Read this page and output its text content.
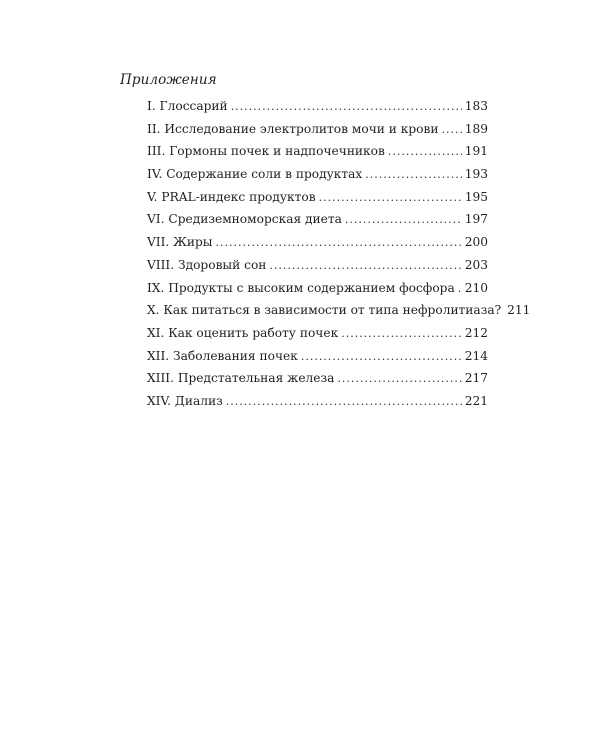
Приложения
I. Глоссарий .....	183
II. Исследование электролитов мочи и крови ..... 189
III. Гормоны почек и надпочечников .....	191
IV. Содержание соли в продуктах .....	193
V. PRAL-индекс продуктов .....	195
VI. Средиземноморская диета .....	197
VII. Жиры .....	200
VIII. Здоровый сон .....	203
IX. Продукты с высоким содержанием фосфора ..... 210
X. Как питаться в зависимости от типа нефролитиаза? 211
XI. Как оценить работу почек .....	212
XII. Заболевания почек .....	214
XIII. Предстательная железа .....	217
XIV. Диализ .....	221
